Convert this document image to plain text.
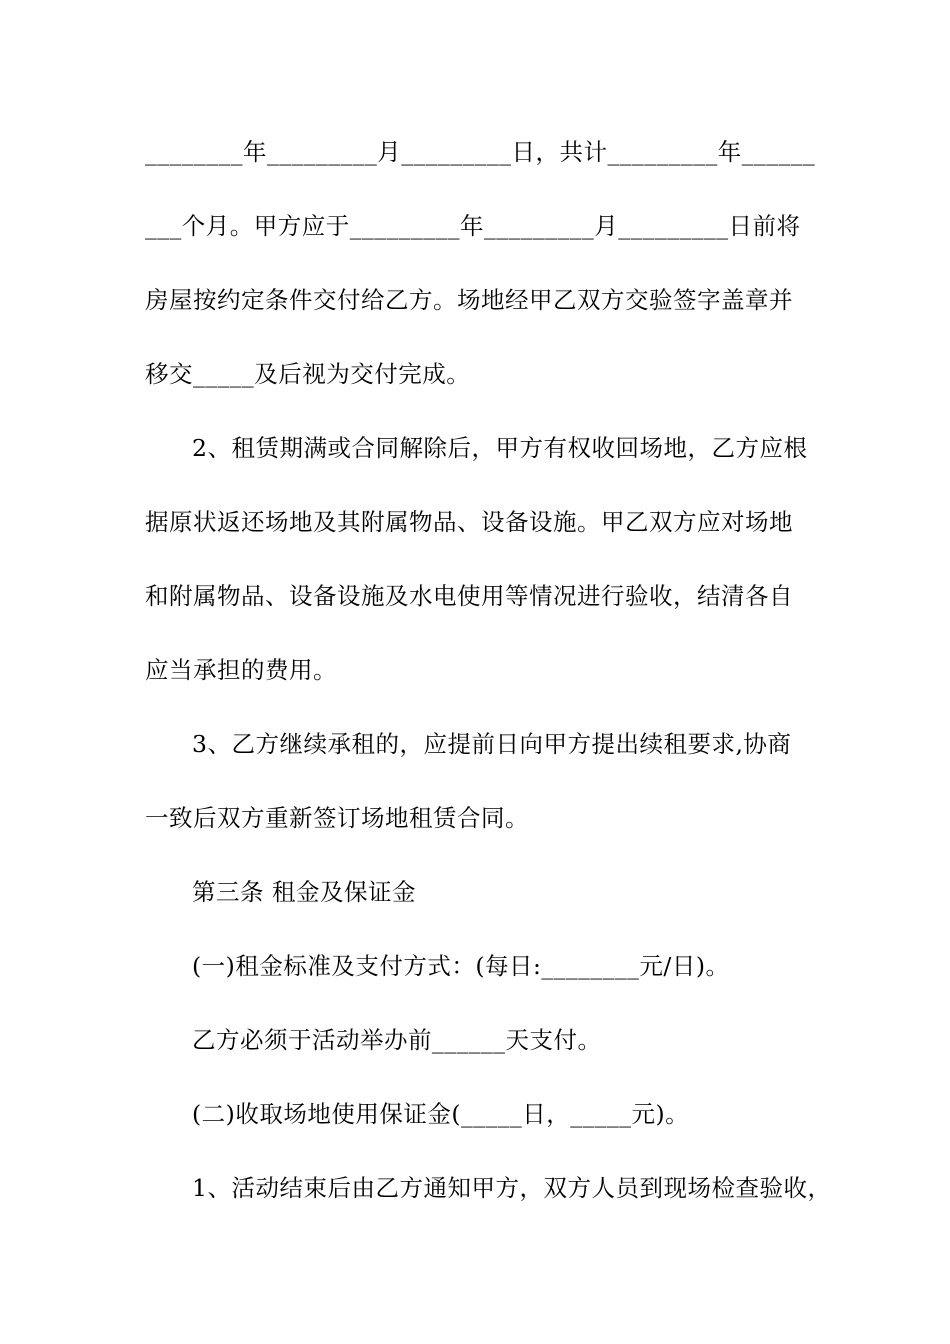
________年_________月_________日，共计_________年______
___个月。甲方应于_________年_________月_________日前将
房屋按约定条件交付给乙方。场地经甲乙双方交验签字盖章并
移交_____及后视为交付完成。
2、租赁期满或合同解除后，甲方有权收回场地，乙方应根
据原状返还场地及其附属物品、设备设施。甲乙双方应对场地
和附属物品、设备设施及水电使用等情况进行验收，结清各自
应当承担的费用。
3、乙方继续承租的，应提前日向甲方提出续租要求,协商
一致后双方重新签订场地租赁合同。
第三条 租金及保证金
(一)租金标准及支付方式：(每日:________元/日)。
乙方必须于活动举办前______天支付。
(二)收取场地使用保证金(_____日，_____元)。
1、活动结束后由乙方通知甲方，双方人员到现场检查验收，
